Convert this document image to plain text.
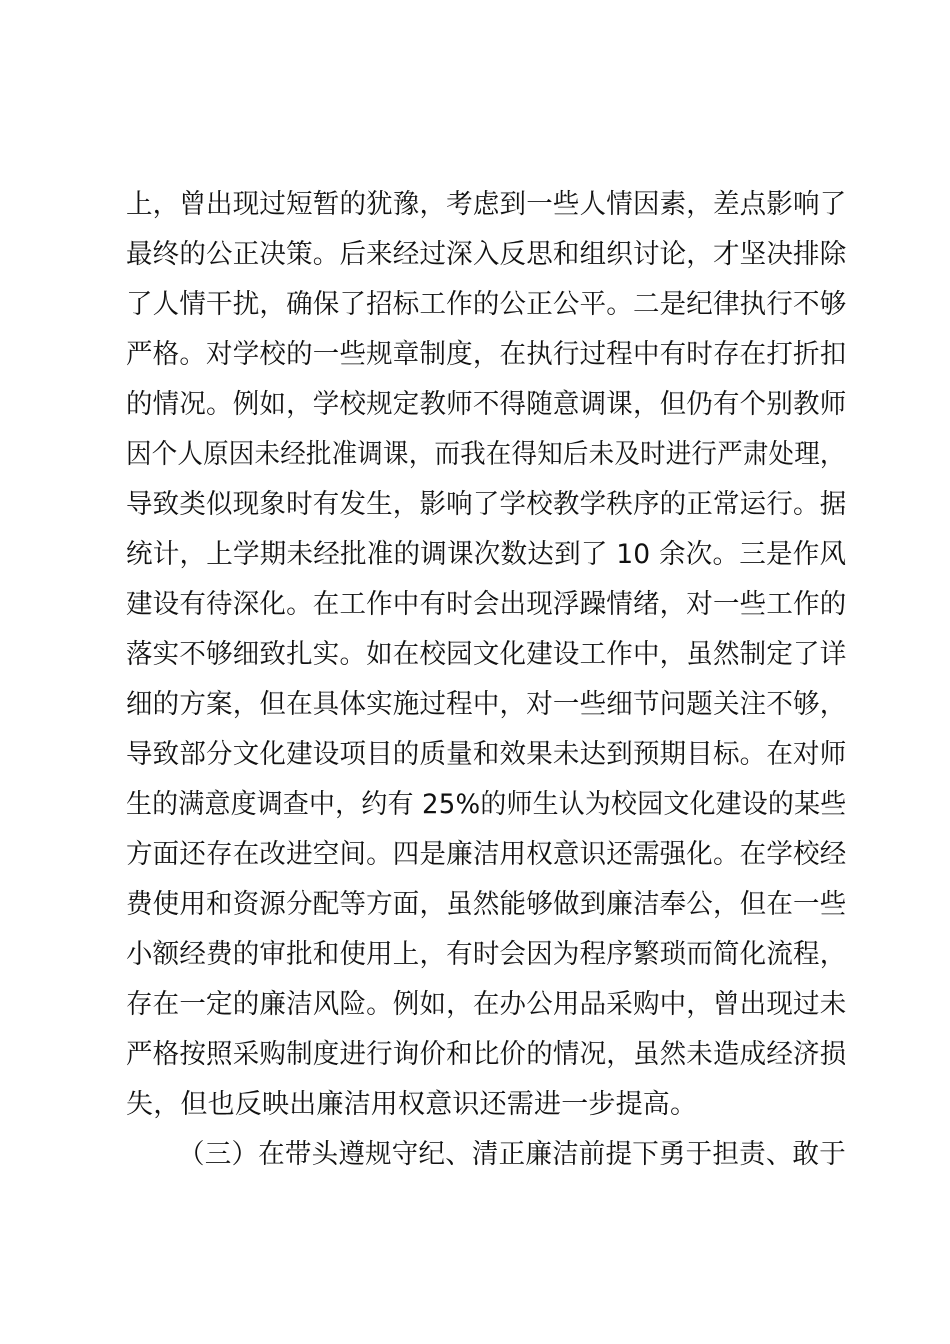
上，曾出现过短暂的犹豫，考虑到一些人情因素，差点影响了
最终的公正决策。后来经过深入反思和组织讨论，才坚决排除
了人情干扰，确保了招标工作的公正公平。二是纪律执行不够
严格。对学校的一些规章制度，在执行过程中有时存在打折扣
的情况。例如，学校规定教师不得随意调课，但仍有个别教师
因个人原因未经批准调课，而我在得知后未及时进行严肃处理，
导致类似现象时有发生，影响了学校教学秩序的正常运行。据
统计，上学期未经批准的调课次数达到了 10 余次。三是作风
建设有待深化。在工作中有时会出现浮躁情绪，对一些工作的
落实不够细致扎实。如在校园文化建设工作中，虽然制定了详
细的方案，但在具体实施过程中，对一些细节问题关注不够，
导致部分文化建设项目的质量和效果未达到预期目标。在对师
生的满意度调查中，约有 25%的师生认为校园文化建设的某些
方面还存在改进空间。四是廉洁用权意识还需强化。在学校经
费使用和资源分配等方面，虽然能够做到廉洁奉公，但在一些
小额经费的审批和使用上，有时会因为程序繁琐而简化流程，
存在一定的廉洁风险。例如，在办公用品采购中，曾出现过未
严格按照采购制度进行询价和比价的情况，虽然未造成经济损
失，但也反映出廉洁用权意识还需进一步提高。
（三）在带头遵规守纪、清正廉洁前提下勇于担责、敢于
